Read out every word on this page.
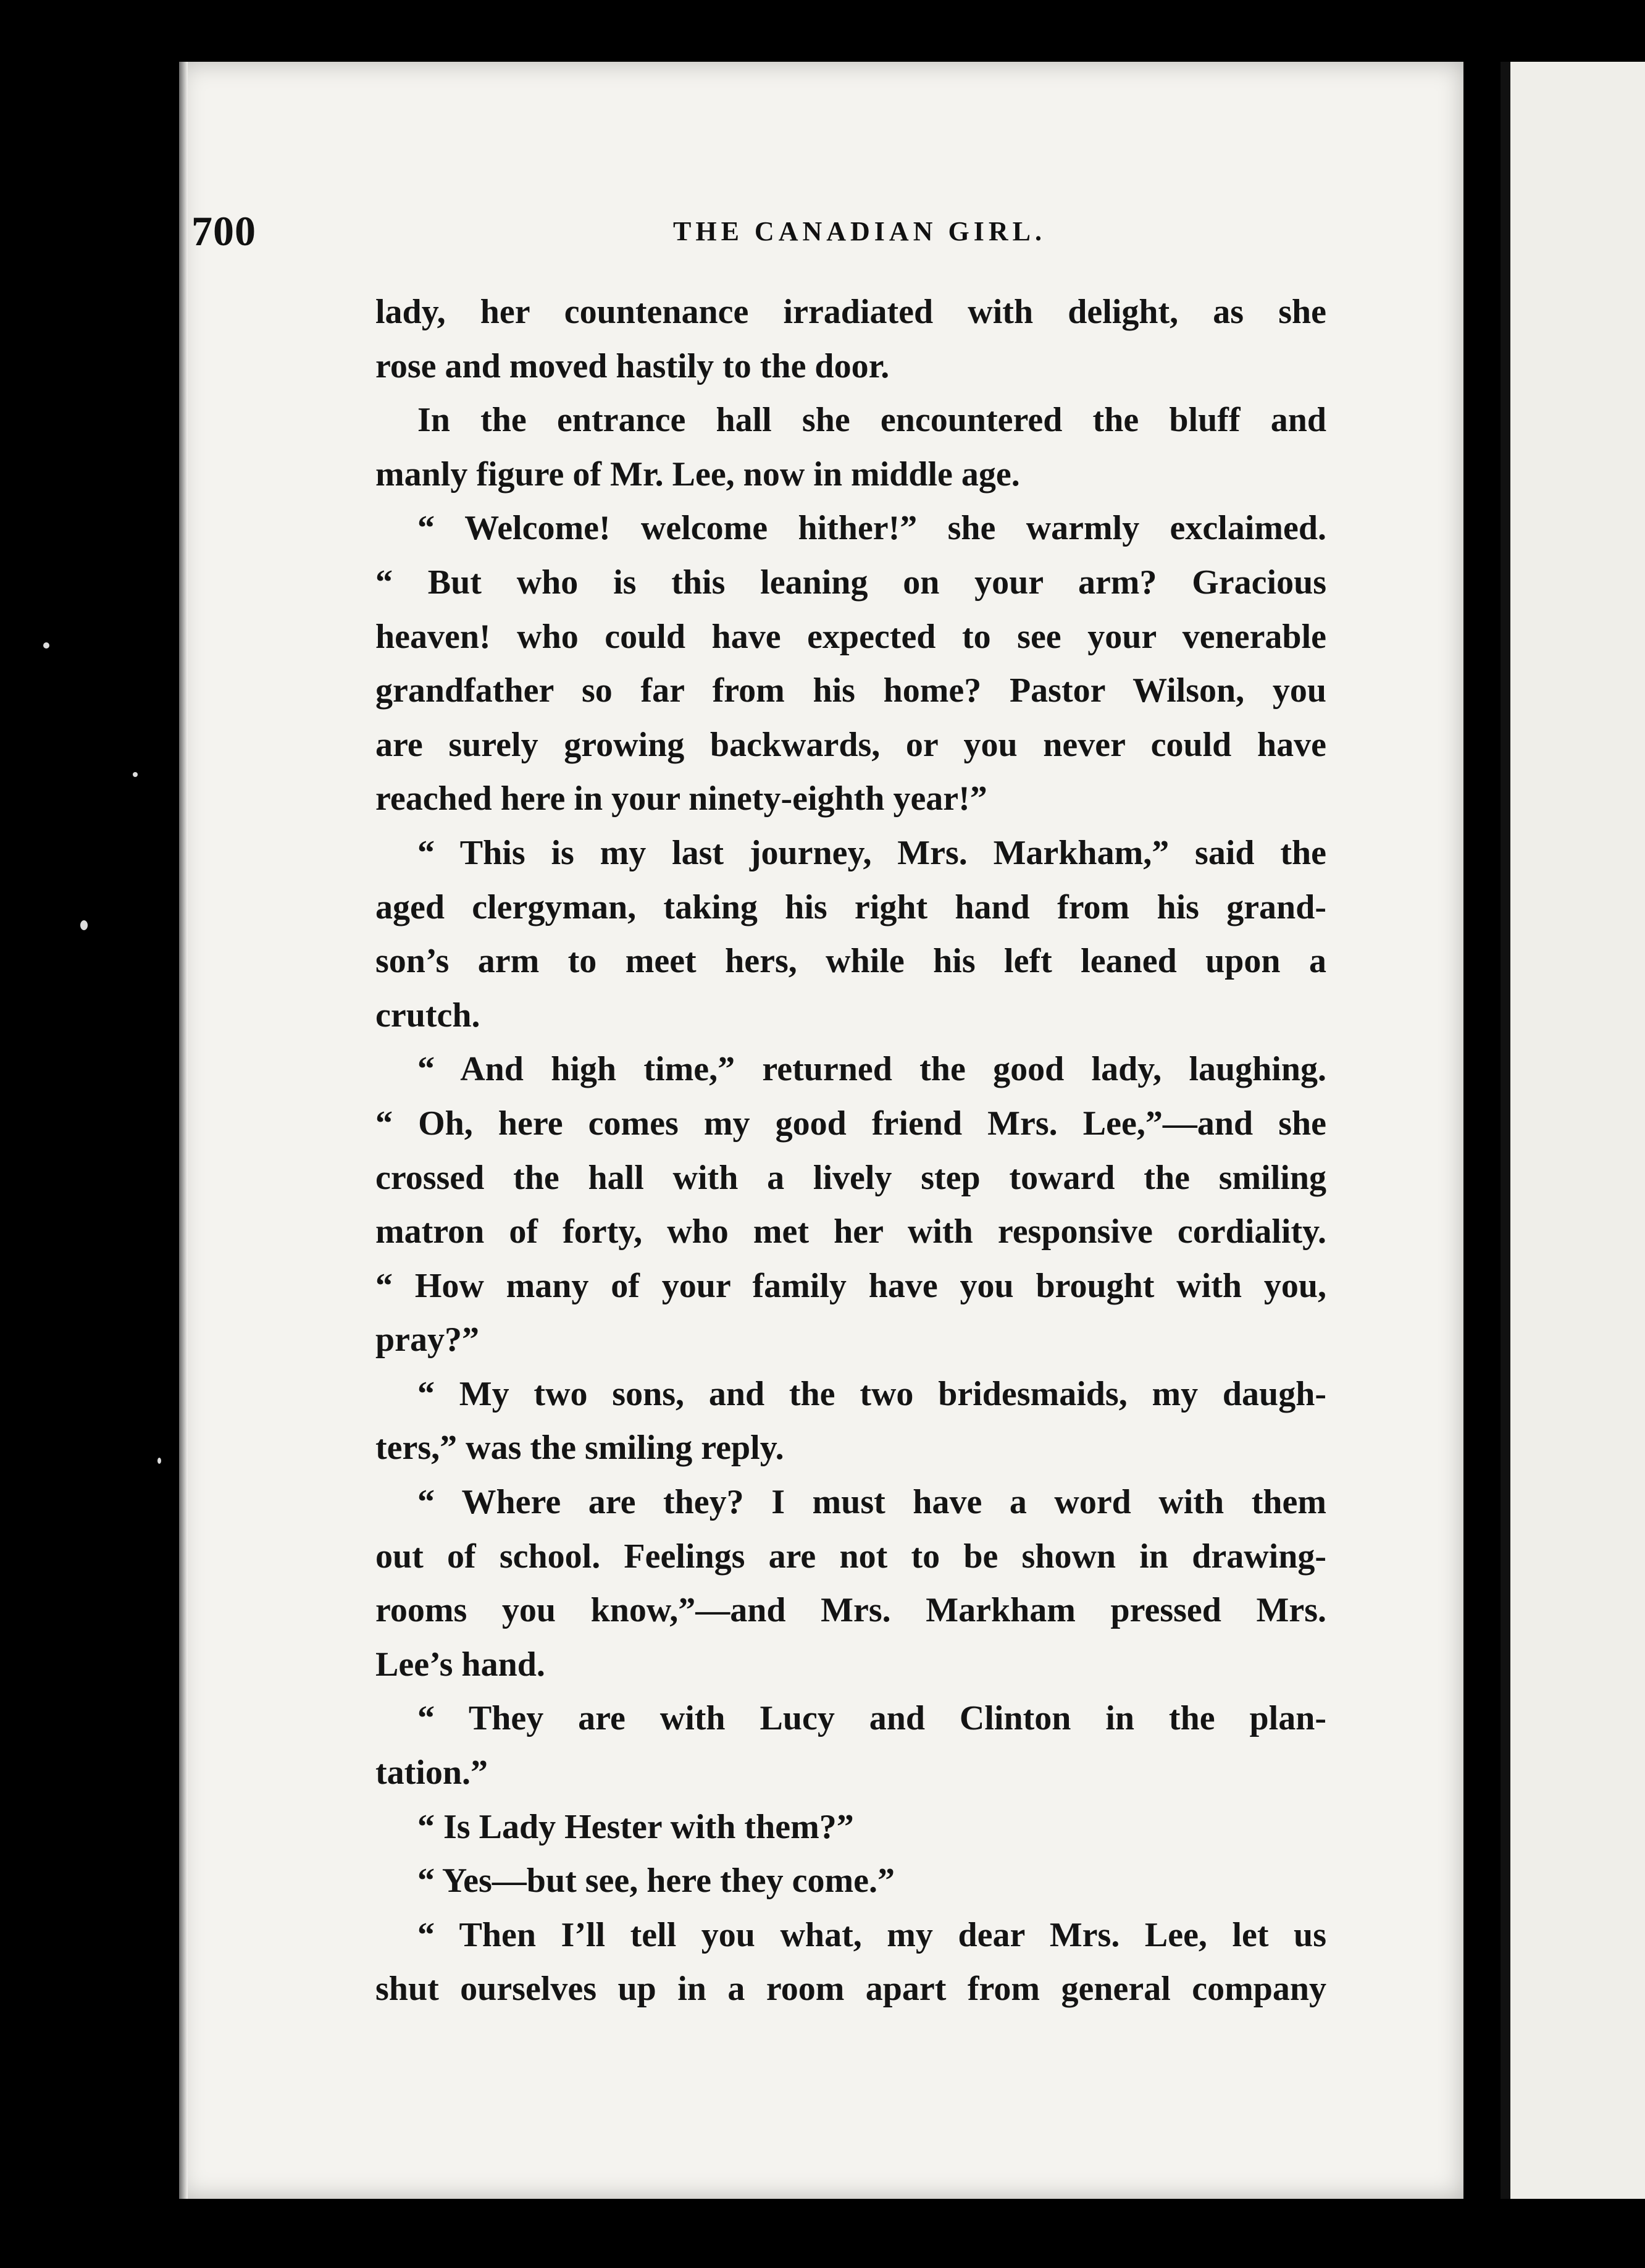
700	THE CANADIAN GIRL.
lady, her countenance irradiated with delight, as she
rose and moved hastily to the door.
In the entrance hall she encountered the bluff and
manly figure of Mr. Lee, now in middle age.
“ Welcome! welcome hither!” she warmly exclaimed.
“ But who is this leaning on your arm? Gracious
heaven! who could have expected to see your venerable
grandfather so far from his home? Pastor Wilson, you
are surely growing backwards, or you never could have
reached here in your ninety-eighth year!”
“ This is my last journey, Mrs. Markham,” said the
aged clergyman, taking his right hand from his grand-
son’s arm to meet hers, while his left leaned upon a
crutch.
“ And high time,” returned the good lady, laughing.
“ Oh, here comes my good friend Mrs. Lee,”—and she
crossed the hall with a lively step toward the smiling
matron of forty, who met her with responsive cordiality.
“ How many of your family have you brought with you,
pray?”
“ My two sons, and the two bridesmaids, my daugh-
ters,” was the smiling reply.
“ Where are they? I must have a word with them
out of school. Feelings are not to be shown in drawing-
rooms you know,”—and Mrs. Markham pressed Mrs.
Lee’s hand.
“ They are with Lucy and Clinton in the plan-
tation.”
“ Is Lady Hester with them?”
“ Yes—but see, here they come.”
“ Then I’ll tell you what, my dear Mrs. Lee, let us
shut ourselves up in a room apart from general company
